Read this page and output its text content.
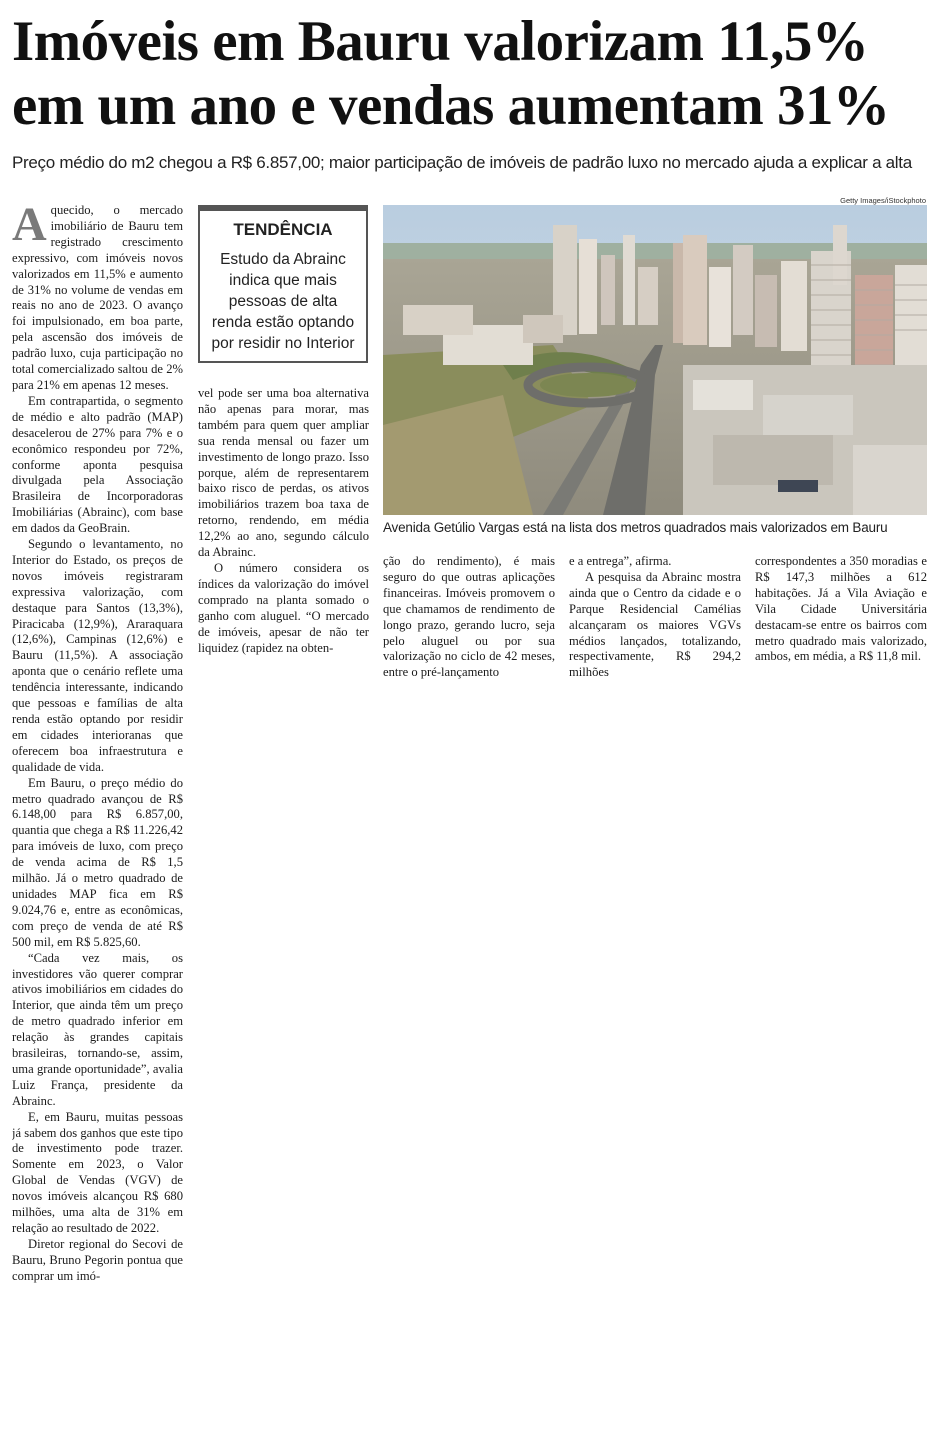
Imóveis em Bauru valorizam 11,5% em um ano e vendas aumentam 31%
Preço médio do m2 chegou a R$ 6.857,00; maior participação de imóveis de padrão luxo no mercado ajuda a explicar a alta

Aquecido, o mercado imobiliário de Bauru tem registrado crescimento expressivo, com imóveis novos valorizados em 11,5% e aumento de 31% no volume de vendas em reais no ano de 2023. O avanço foi impulsionado, em boa parte, pela ascensão dos imóveis de padrão luxo, cuja participação no total comercializado saltou de 2% para 21% em apenas 12 meses.

Em contrapartida, o segmento de médio e alto padrão (MAP) desacelerou de 27% para 7% e o econômico respondeu por 72%, conforme aponta pesquisa divulgada pela Associação Brasileira de Incorporadoras Imobiliárias (Abrainc), com base em dados da GeoBrain.

Segundo o levantamento, no Interior do Estado, os preços de novos imóveis registraram expressiva valorização, com destaque para Santos (13,3%), Piracicaba (12,9%), Araraquara (12,6%), Campinas (12,6%) e Bauru (11,5%). A associação aponta que o cenário reflete uma tendência interessante, indicando que pessoas e famílias de alta renda estão optando por residir em cidades interioranas que oferecem boa infraestrutura e qualidade de vida.

Em Bauru, o preço médio do metro quadrado avançou de R$ 6.148,00 para R$ 6.857,00, quantia que chega a R$ 11.226,42 para imóveis de luxo, com preço de venda acima de R$ 1,5 milhão. Já o metro quadrado de unidades MAP fica em R$ 9.024,76 e, entre as econômicas, com preço de venda de até R$ 500 mil, em R$ 5.825,60.

“Cada vez mais, os investidores vão querer comprar ativos imobiliários em cidades do Interior, que ainda têm um preço de metro quadrado inferior em relação às grandes capitais brasileiras, tornando-se, assim, uma grande oportunidade”, avalia Luiz França, presidente da Abrainc.

E, em Bauru, muitas pessoas já sabem dos ganhos que este tipo de investimento pode trazer. Somente em 2023, o Valor Global de Vendas (VGV) de novos imóveis alcançou R$ 680 milhões, uma alta de 31% em relação ao resultado de 2022.

Diretor regional do Secovi de Bauru, Bruno Pegorin pontua que comprar um imó-

TENDÊNCIA
Estudo da Abrainc indica que mais pessoas de alta renda estão optando por residir no Interior

vel pode ser uma boa alternativa não apenas para morar, mas também para quem quer ampliar sua renda mensal ou fazer um investimento de longo prazo. Isso porque, além de representarem baixo risco de perdas, os ativos imobiliários trazem boa taxa de retorno, rendendo, em média 12,2% ao ano, segundo cálculo da Abrainc.

O número considera os índices da valorização do imóvel comprado na planta somado o ganho com aluguel. “O mercado de imóveis, apesar de não ter liquidez (rapidez na obten-

Getty Images/iStockphoto
Avenida Getúlio Vargas está na lista dos metros quadrados mais valorizados em Bauru

ção do rendimento), é mais seguro do que outras aplicações financeiras. Imóveis promovem o que chamamos de rendimento de longo prazo, gerando lucro, seja pelo aluguel ou por sua valorização no ciclo de 42 meses, entre o pré-lançamento

e a entrega”, afirma.

A pesquisa da Abrainc mostra ainda que o Centro da cidade e o Parque Residencial Camélias alcançaram os maiores VGVs médios lançados, totalizando, respectivamente, R$ 294,2 milhões

correspondentes a 350 moradias e R$ 147,3 milhões a 612 habitações. Já a Vila Aviação e Vila Cidade Universitária destacam-se entre os bairros com metro quadrado mais valorizado, ambos, em média, a R$ 11,8 mil.
